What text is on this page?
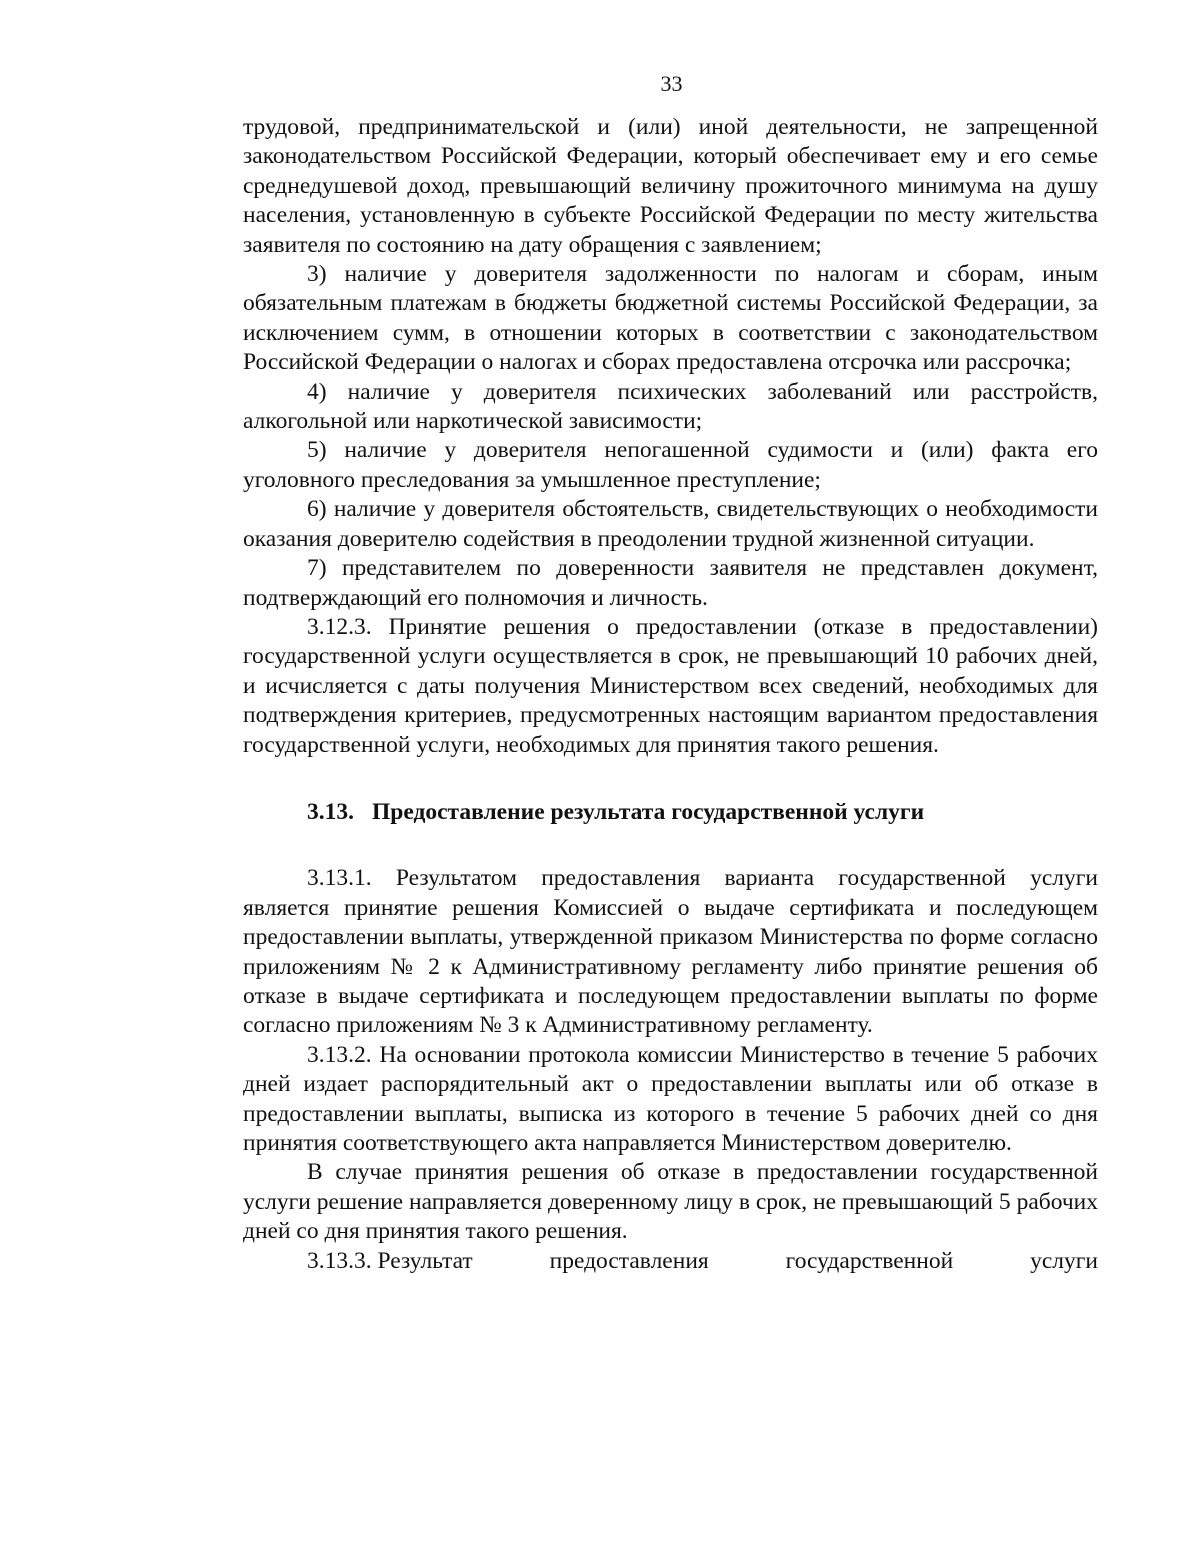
33

трудовой, предпринимательской и (или) иной деятельности, не запрещенной законодательством Российской Федерации, который обеспечивает ему и его семье среднедушевой доход, превышающий величину прожиточного минимума на душу населения, установленную в субъекте Российской Федерации по месту жительства заявителя по состоянию на дату обращения с заявлением;

3) наличие у доверителя задолженности по налогам и сборам, иным обязательным платежам в бюджеты бюджетной системы Российской Федерации, за исключением сумм, в отношении которых в соответствии с законодательством Российской Федерации о налогах и сборах предоставлена отсрочка или рассрочка;

4) наличие у доверителя психических заболеваний или расстройств, алкогольной или наркотической зависимости;

5) наличие у доверителя непогашенной судимости и (или) факта его уголовного преследования за умышленное преступление;

6) наличие у доверителя обстоятельств, свидетельствующих о необходимости оказания доверителю содействия в преодолении трудной жизненной ситуации.

7) представителем по доверенности заявителя не представлен документ, подтверждающий его полномочия и личность.

3.12.3. Принятие решения о предоставлении (отказе в предоставлении) государственной услуги осуществляется в срок, не превышающий 10 рабочих дней, и исчисляется с даты получения Министерством всех сведений, необходимых для подтверждения критериев, предусмотренных настоящим вариантом предоставления государственной услуги, необходимых для принятия такого решения.

3.13. Предоставление результата государственной услуги

3.13.1. Результатом предоставления варианта государственной услуги является принятие решения Комиссией о выдаче сертификата и последующем предоставлении выплаты, утвержденной приказом Министерства по форме согласно приложениям № 2 к Административному регламенту либо принятие решения об отказе в выдаче сертификата и последующем предоставлении выплаты по форме согласно приложениям № 3 к Административному регламенту.

3.13.2. На основании протокола комиссии Министерство в течение 5 рабочих дней издает распорядительный акт о предоставлении выплаты или об отказе в предоставлении выплаты, выписка из которого в течение 5 рабочих дней со дня принятия соответствующего акта направляется Министерством доверителю.

В случае принятия решения об отказе в предоставлении государственной услуги решение направляется доверенному лицу в срок, не превышающий 5 рабочих дней со дня принятия такого решения.

3.13.3. Результат	предоставления	государственной	услуги
